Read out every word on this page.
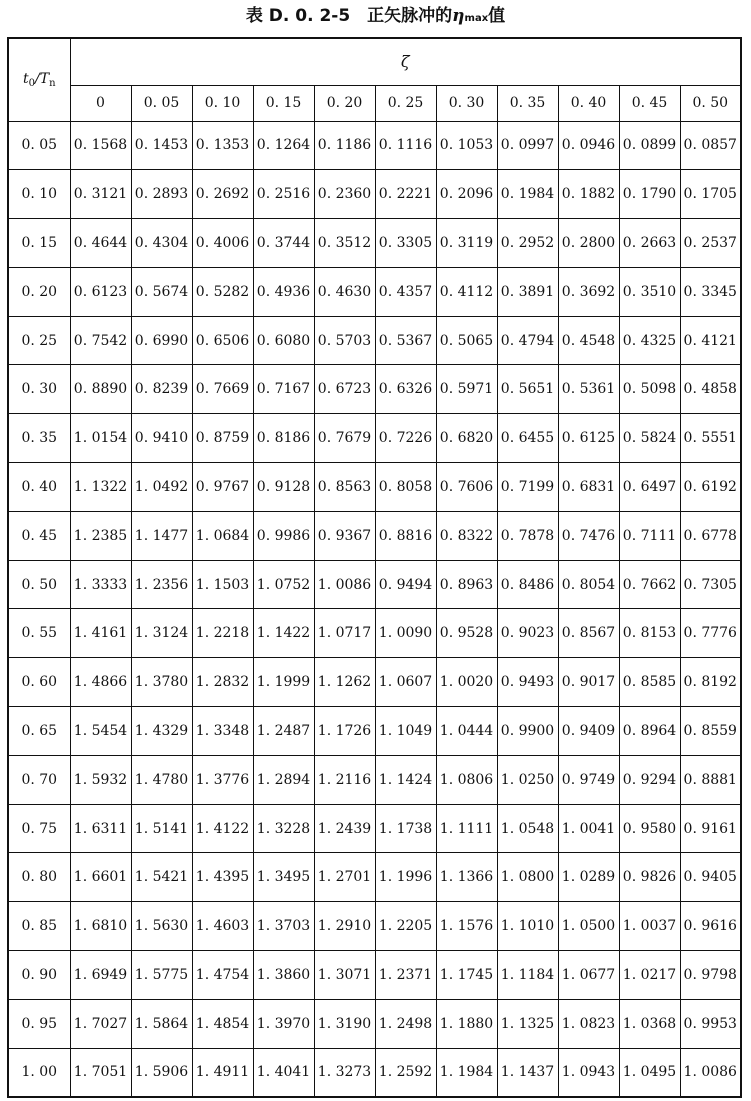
表 D. 0. 2-5　正矢脉冲的ηmax值
$t_0/T_n$	ζ										
	0	0. 05	0. 10	0. 15	0. 20	0. 25	0. 30	0. 35	0. 40	0. 45	0. 50
0. 05	0. 1568	0. 1453	0. 1353	0. 1264	0. 1186	0. 1116	0. 1053	0. 0997	0. 0946	0. 0899	0. 0857
0. 10	0. 3121	0. 2893	0. 2692	0. 2516	0. 2360	0. 2221	0. 2096	0. 1984	0. 1882	0. 1790	0. 1705
0. 15	0. 4644	0. 4304	0. 4006	0. 3744	0. 3512	0. 3305	0. 3119	0. 2952	0. 2800	0. 2663	0. 2537
0. 20	0. 6123	0. 5674	0. 5282	0. 4936	0. 4630	0. 4357	0. 4112	0. 3891	0. 3692	0. 3510	0. 3345
0. 25	0. 7542	0. 6990	0. 6506	0. 6080	0. 5703	0. 5367	0. 5065	0. 4794	0. 4548	0. 4325	0. 4121
0. 30	0. 8890	0. 8239	0. 7669	0. 7167	0. 6723	0. 6326	0. 5971	0. 5651	0. 5361	0. 5098	0. 4858
0. 35	1. 0154	0. 9410	0. 8759	0. 8186	0. 7679	0. 7226	0. 6820	0. 6455	0. 6125	0. 5824	0. 5551
0. 40	1. 1322	1. 0492	0. 9767	0. 9128	0. 8563	0. 8058	0. 7606	0. 7199	0. 6831	0. 6497	0. 6192
0. 45	1. 2385	1. 1477	1. 0684	0. 9986	0. 9367	0. 8816	0. 8322	0. 7878	0. 7476	0. 7111	0. 6778
0. 50	1. 3333	1. 2356	1. 1503	1. 0752	1. 0086	0. 9494	0. 8963	0. 8486	0. 8054	0. 7662	0. 7305
0. 55	1. 4161	1. 3124	1. 2218	1. 1422	1. 0717	1. 0090	0. 9528	0. 9023	0. 8567	0. 8153	0. 7776
0. 60	1. 4866	1. 3780	1. 2832	1. 1999	1. 1262	1. 0607	1. 0020	0. 9493	0. 9017	0. 8585	0. 8192
0. 65	1. 5454	1. 4329	1. 3348	1. 2487	1. 1726	1. 1049	1. 0444	0. 9900	0. 9409	0. 8964	0. 8559
0. 70	1. 5932	1. 4780	1. 3776	1. 2894	1. 2116	1. 1424	1. 0806	1. 0250	0. 9749	0. 9294	0. 8881
0. 75	1. 6311	1. 5141	1. 4122	1. 3228	1. 2439	1. 1738	1. 1111	1. 0548	1. 0041	0. 9580	0. 9161
0. 80	1. 6601	1. 5421	1. 4395	1. 3495	1. 2701	1. 1996	1. 1366	1. 0800	1. 0289	0. 9826	0. 9405
0. 85	1. 6810	1. 5630	1. 4603	1. 3703	1. 2910	1. 2205	1. 1576	1. 1010	1. 0500	1. 0037	0. 9616
0. 90	1. 6949	1. 5775	1. 4754	1. 3860	1. 3071	1. 2371	1. 1745	1. 1184	1. 0677	1. 0217	0. 9798
0. 95	1. 7027	1. 5864	1. 4854	1. 3970	1. 3190	1. 2498	1. 1880	1. 1325	1. 0823	1. 0368	0. 9953
1. 00	1. 7051	1. 5906	1. 4911	1. 4041	1. 3273	1. 2592	1. 1984	1. 1437	1. 0943	1. 0495	1. 0086
